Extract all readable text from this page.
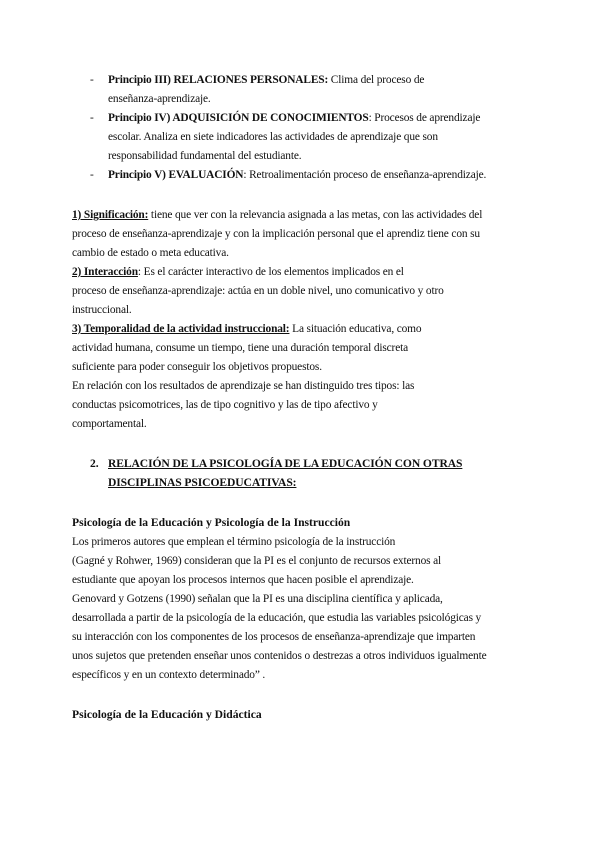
- Principio III) RELACIONES PERSONALES: Clima del proceso de
enseñanza-aprendizaje.
- Principio IV) ADQUISICIÓN DE CONOCIMIENTOS: Procesos de aprendizaje
escolar. Analiza en siete indicadores las actividades de aprendizaje que son
responsabilidad fundamental del estudiante.
- Principio V) EVALUACIÓN: Retroalimentación proceso de enseñanza-aprendizaje.
1) Significación: tiene que ver con la relevancia asignada a las metas, con las actividades del
proceso de enseñanza-aprendizaje y con la implicación personal que el aprendiz tiene con su
cambio de estado o meta educativa.
2) Interacción: Es el carácter interactivo de los elementos implicados en el
proceso de enseñanza-aprendizaje: actúa en un doble nivel, uno comunicativo y otro
instruccional.
3) Temporalidad de la actividad instruccional: La situación educativa, como
actividad humana, consume un tiempo, tiene una duración temporal discreta
suficiente para poder conseguir los objetivos propuestos.
En relación con los resultados de aprendizaje se han distinguido tres tipos: las
conductas psicomotrices, las de tipo cognitivo y las de tipo afectivo y
comportamental.
2. RELACIÓN DE LA PSICOLOGÍA DE LA EDUCACIÓN CON OTRAS
DISCIPLINAS PSICOEDUCATIVAS:
Psicología de la Educación y Psicología de la Instrucción
Los primeros autores que emplean el término psicología de la instrucción
(Gagné y Rohwer, 1969) consideran que la PI es el conjunto de recursos externos al
estudiante que apoyan los procesos internos que hacen posible el aprendizaje.
Genovard y Gotzens (1990) señalan que la PI es una disciplina científica y aplicada,
desarrollada a partir de la psicología de la educación, que estudia las variables psicológicas y
su interacción con los componentes de los procesos de enseñanza-aprendizaje que imparten
unos sujetos que pretenden enseñar unos contenidos o destrezas a otros individuos igualmente
específicos y en un contexto determinado” .
Psicología de la Educación y Didáctica
